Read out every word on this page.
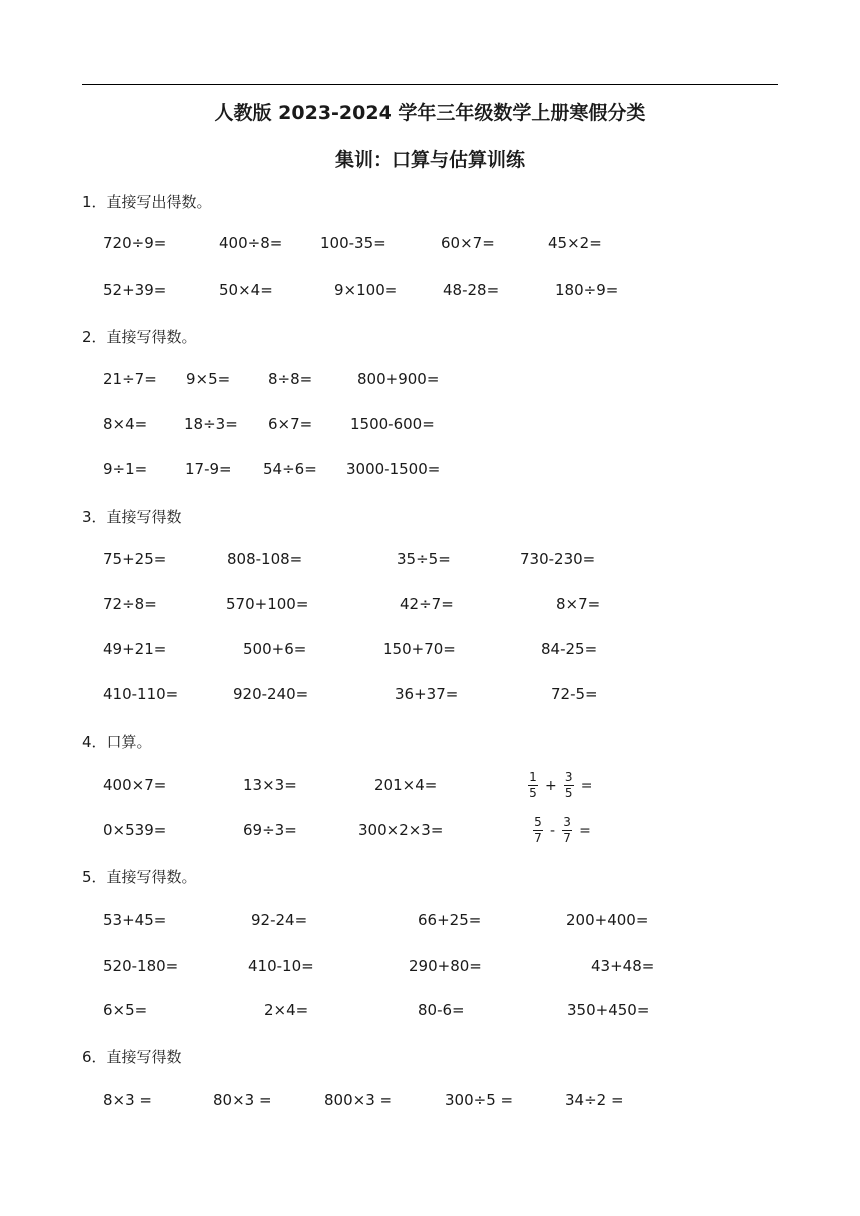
人教版 2023-2024 学年三年级数学上册寒假分类
集训：口算与估算训练
1．直接写出得数。
720÷9=	400÷8=	100-35=	60×7=	45×2=
52+39=	50×4=	9×100=	48-28=	180÷9=
2．直接写得数。
21÷7= 9×5=	8÷8=	800+900=
8×4= 18÷3= 6×7=	1500-600=
9÷1=	17-9= 54÷6= 3000-1500=
3．直接写得数
75+25=	808-108=	35÷5=	730-230=
72÷8=	570+100=	42÷7=	8×7=
49+21=	500+6=	150+70=	84-25=
410-110=	920-240=	36+37=	72-5=
4．口算。
400×7=	13×3=	201×4=	$\frac{1}{5} + \frac{3}{5}$ =
0×539=	69÷3=	300×2×3=	$\frac{5}{7} - \frac{3}{7}$ =
5．直接写得数。
53+45=	92-24=	66+25=	200+400=
520-180=	410-10=	290+80=	43+48=
6×5=	2×4=	80-6=	350+450=
6．直接写得数
8×3 =	80×3 =	800×3 =	300÷5 =	34÷2 =
